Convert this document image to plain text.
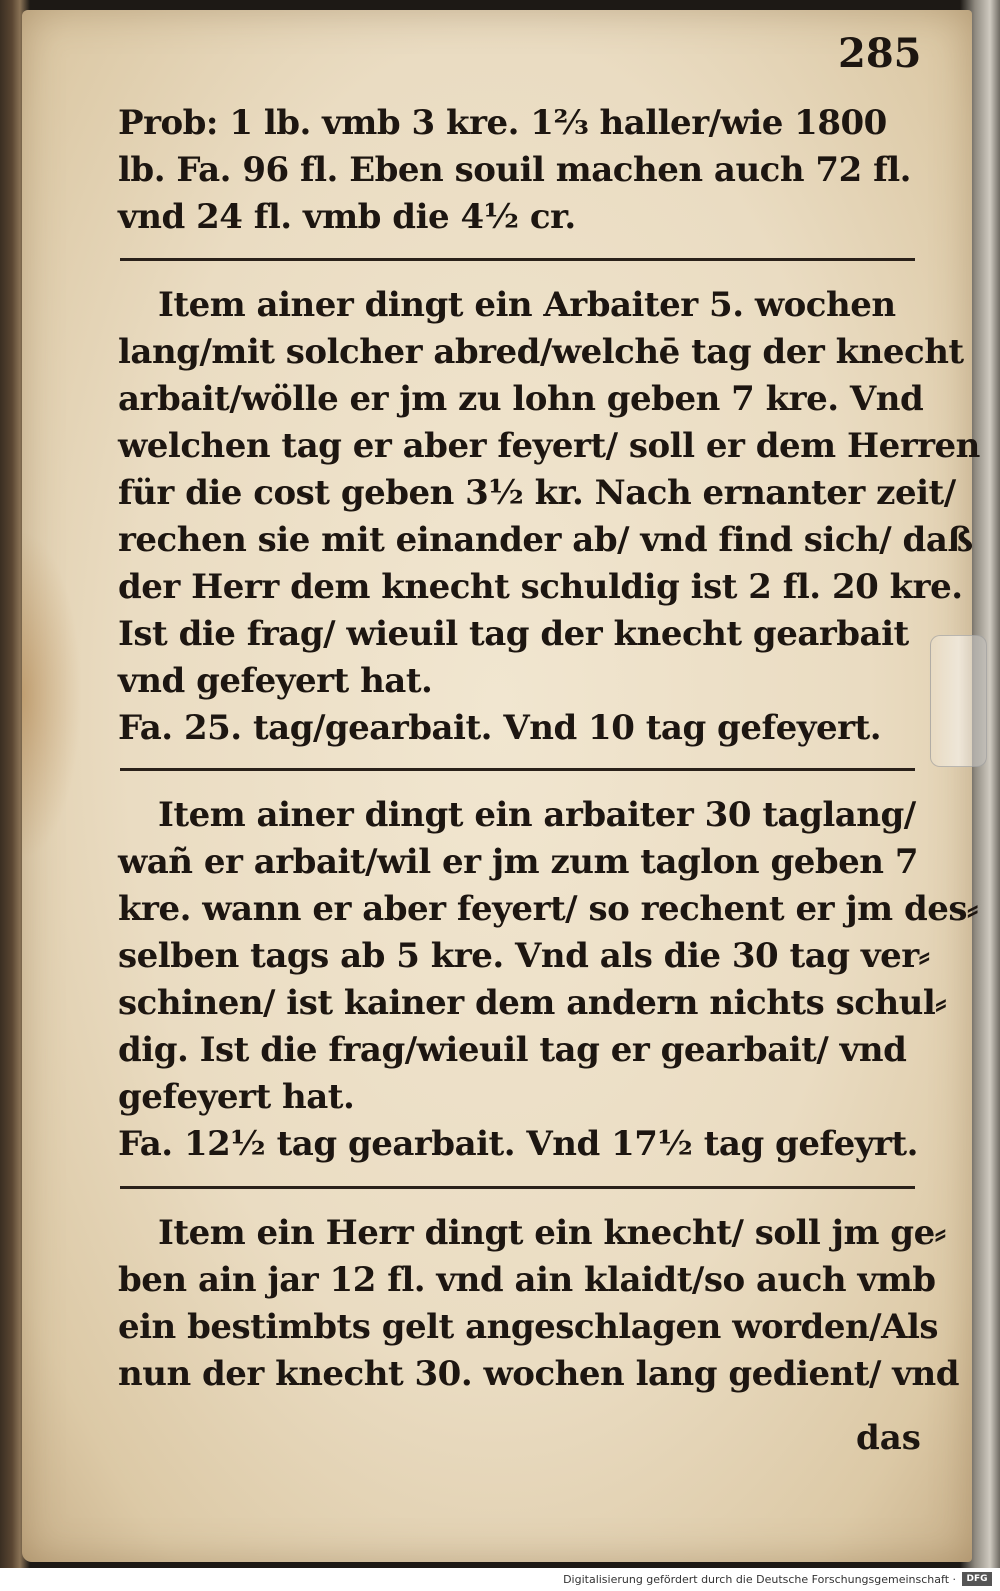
285
Prob: 1 lb. vmb 3 kre. 1⅔ haller/wie 1800
lb. Fa. 96 fl. Eben souil machen auch 72 fl.
vnd 24 fl. vmb die 4½ cr.
Item ainer dingt ein Arbaiter 5. wochen
lang/mit solcher abred/welchē tag der knecht
arbait/wölle er jm zu lohn geben 7 kre. Vnd
welchen tag er aber feyert/ soll er dem Herren
für die cost geben 3½ kr. Nach ernanter zeit/
rechen sie mit einander ab/ vnd find sich/ daß
der Herr dem knecht schuldig ist 2 fl. 20 kre.
Ist die frag/ wieuil tag der knecht gearbait
vnd gefeyert hat.
Fa. 25. tag/gearbait. Vnd 10 tag gefeyert.
Item ainer dingt ein arbaiter 30 taglang/
wañ er arbait/wil er jm zum taglon geben 7
kre. wann er aber feyert/ so rechent er jm des⸗
selben tags ab 5 kre. Vnd als die 30 tag ver⸗
schinen/ ist kainer dem andern nichts schul⸗
dig. Ist die frag/wieuil tag er gearbait/ vnd
gefeyert hat.
Fa. 12½ tag gearbait. Vnd 17½ tag gefeyrt.
Item ein Herr dingt ein knecht/ soll jm ge⸗
ben ain jar 12 fl. vnd ain klaidt/so auch vmb
ein bestimbts gelt angeschlagen worden/Als
nun der knecht 30. wochen lang gedient/ vnd
das
Digitalisierung gefördert durch die Deutsche Forschungsgemeinschaft ·	DFG
